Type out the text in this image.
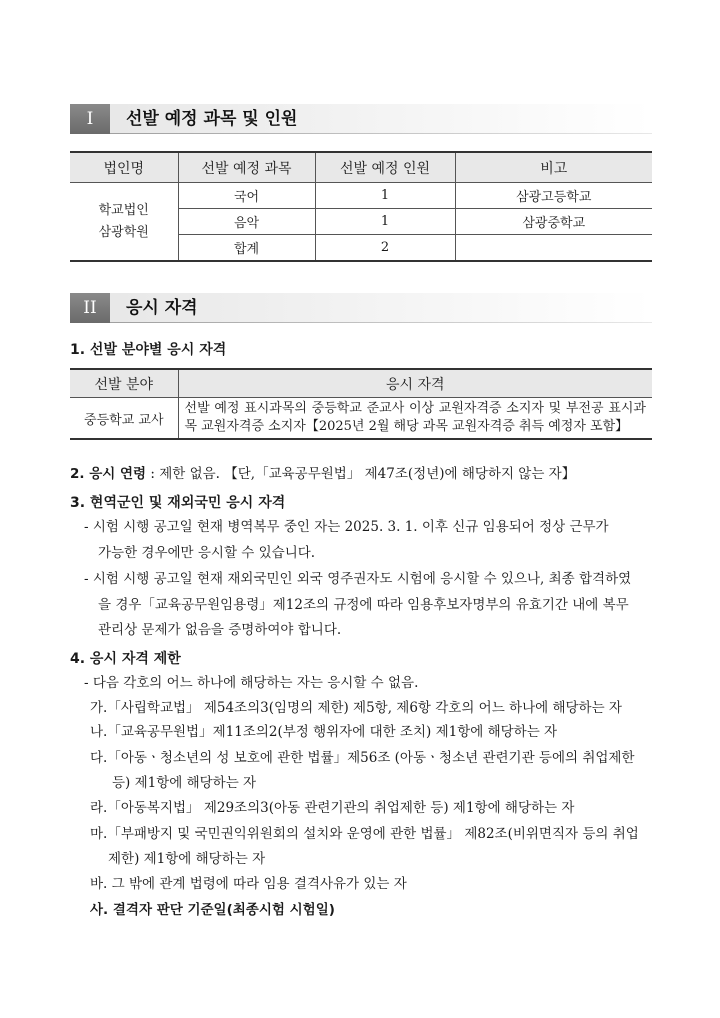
I	선발 예정 과목 및 인원
법인명	선발 예정 과목	선발 예정 인원	비고

학교법인
삼광학원	국어	1	삼광고등학교
	음악	1	삼광중학교
	합계	2	
II	응시 자격
1. 선발 분야별 응시 자격
선발 분야	응시 자격
중등학교 교사	선발 예정 표시과목의 중등학교 준교사 이상 교원자격증 소지자 및 부전공 표시과목 교원자격증 소지자【2025년 2월 해당 과목 교원자격증 취득 예정자 포함】
2. 응시 연령 : 제한 없음. 【단,「교육공무원법」 제47조(정년)에 해당하지 않는 자】
3. 현역군인 및 재외국민 응시 자격
- 시험 시행 공고일 현재 병역복무 중인 자는 2025. 3. 1. 이후 신규 임용되어 정상 근무가
가능한 경우에만 응시할 수 있습니다.
- 시험 시행 공고일 현재 재외국민인 외국 영주권자도 시험에 응시할 수 있으나, 최종 합격하였
을 경우「교육공무원임용령」제12조의 규정에 따라 임용후보자명부의 유효기간 내에 복무
관리상 문제가 없음을 증명하여야 합니다.
4. 응시 자격 제한
- 다음 각호의 어느 하나에 해당하는 자는 응시할 수 없음.
가.「사립학교법」 제54조의3(임명의 제한) 제5항, 제6항 각호의 어느 하나에 해당하는 자
나.「교육공무원법」제11조의2(부정 행위자에 대한 조치) 제1항에 해당하는 자
다.「아동ㆍ청소년의 성 보호에 관한 법률」제56조 (아동ㆍ청소년 관련기관 등에의 취업제한
등) 제1항에 해당하는 자
라.「아동복지법」 제29조의3(아동 관련기관의 취업제한 등) 제1항에 해당하는 자
마.「부패방지 및 국민권익위원회의 설치와 운영에 관한 법률」 제82조(비위면직자 등의 취업
제한) 제1항에 해당하는 자
바. 그 밖에 관계 법령에 따라 임용 결격사유가 있는 자
사. 결격자 판단 기준일(최종시험 시험일)
